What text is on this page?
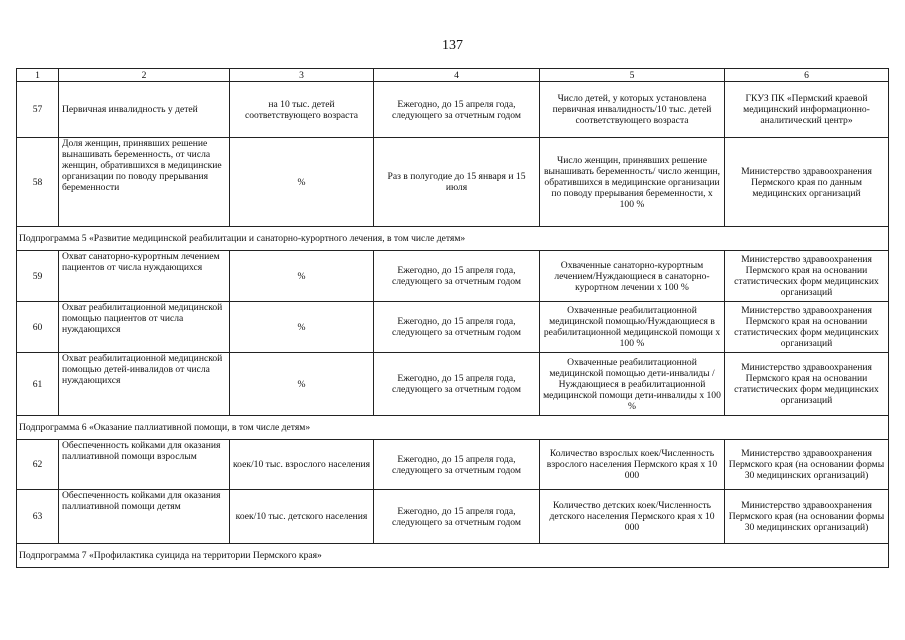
137
1	2	3	4	5	6
57	Первичная инвалидность у детей	на 10 тыс. детей соответствующего возраста	Ежегодно, до 15 апреля года, следующего за отчетным годом	Число детей, у которых установлена первичная инвалидность/10 тыс. детей соответствующего возраста	ГКУЗ ПК «Пермский краевой медицинский информационно-аналитический центр»
58	Доля женщин, принявших решение вынашивать беременность, от числа женщин, обратившихся в медицинские организации по поводу прерывания беременности	%	Раз в полугодие до 15 января и 15 июля	Число женщин, принявших решение вынашивать беременность/ число женщин, обратившихся в медицинские организации по поводу прерывания беременности, х 100 %	Министерство здравоохранения Пермского края по данным медицинских организаций
Подпрограмма 5 «Развитие медицинской реабилитации и санаторно-курортного лечения, в том числе детям»					
59	Охват санаторно-курортным лечением пациентов от числа нуждающихся	%	Ежегодно, до 15 апреля года, следующего за отчетным годом	Охваченные санаторно-курортным лечением/Нуждающиеся в санаторно-курортном лечении х 100 %	Министерство здравоохранения Пермского края на основании статистических форм медицинских организаций
60	Охват реабилитационной медицинской помощью пациентов от числа нуждающихся	%	Ежегодно, до 15 апреля года, следующего за отчетным годом	Охваченные реабилитационной медицинской помощью/Нуждающиеся в реабилитационной медицинской помощи х 100 %	Министерство здравоохранения Пермского края на основании статистических форм медицинских организаций
61	Охват реабилитационной медицинской помощью детей-инвалидов от числа нуждающихся	%	Ежегодно, до 15 апреля года, следующего за отчетным годом	Охваченные реабилитационной медицинской помощью дети-инвалиды /Нуждающиеся в реабилитационной медицинской помощи дети-инвалиды х 100 %	Министерство здравоохранения Пермского края на основании статистических форм медицинских организаций
Подпрограмма 6 «Оказание паллиативной помощи, в том числе детям»					
62	Обеспеченность койками для оказания паллиативной помощи взрослым	коек/10 тыс. взрослого населения	Ежегодно, до 15 апреля года, следующего за отчетным годом	Количество взрослых коек/Численность взрослого населения Пермского края х 10 000	Министерство здравоохранения Пермского края (на основании формы 30 медицинских организаций)
63	Обеспеченность койками для оказания паллиативной помощи детям	коек/10 тыс. детского населения	Ежегодно, до 15 апреля года, следующего за отчетным годом	Количество детских коек/Численность детского населения Пермского края х 10 000	Министерство здравоохранения Пермского края (на основании формы 30 медицинских организаций)
Подпрограмма 7 «Профилактика суицида на территории Пермского края»					
